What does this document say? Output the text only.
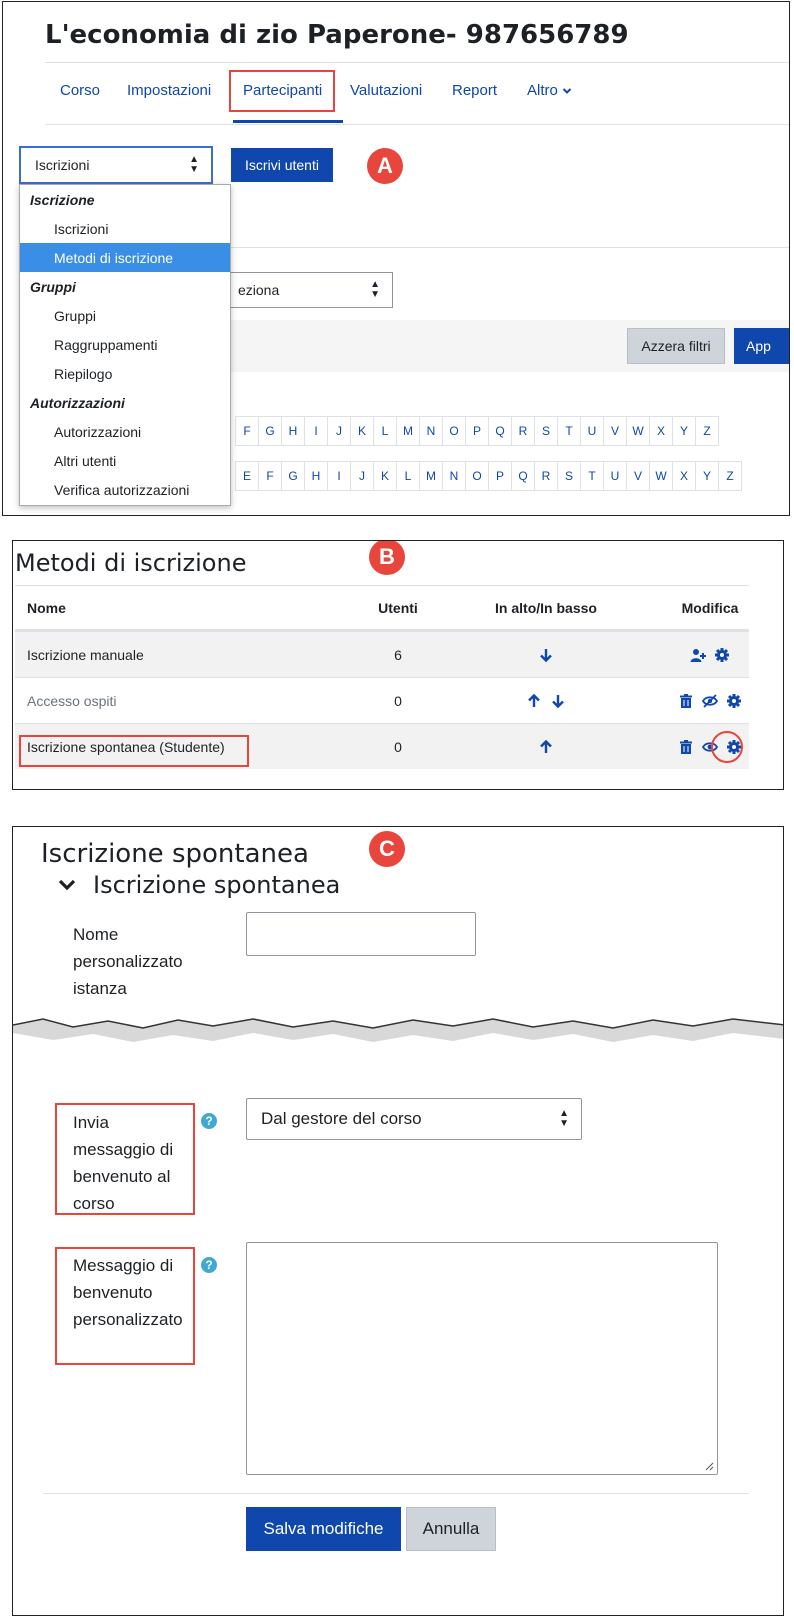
L'economia di zio Paperone- 987656789
Corso Impostazioni Partecipanti Valutazioni Report Altro
Iscrizioni	▲
▼	Iscrivi utenti	A
eziona	▲
▼
Azzera filtri	App
F	G	H	I	J	K	L	M	N	O	P	Q	R	S	T	U	V	W	X	Y	Z
E	F	G	H	I	J	K	L	M	N	O	P	Q	R	S	T	U	V	W	X	Y	Z
Iscrizione
Iscrizioni
Metodi di iscrizione
Gruppi
Gruppi
Raggruppamenti
Riepilogo
Autorizzazioni
Autorizzazioni
Altri utenti
Verifica autorizzazioni
Metodi di iscrizione	B
Nome	Utenti	In alto/In basso	Modifica
Iscrizione manuale	6
Accesso ospiti	0
Iscrizione spontanea (Studente)	0
Iscrizione spontanea	C
Iscrizione spontanea
Nome personalizzato istanza
Invia messaggio di benvenuto al corso
?	Dal gestore del corso	▲
▼
Messaggio di benvenuto personalizzato
?
Salva modifiche	Annulla
